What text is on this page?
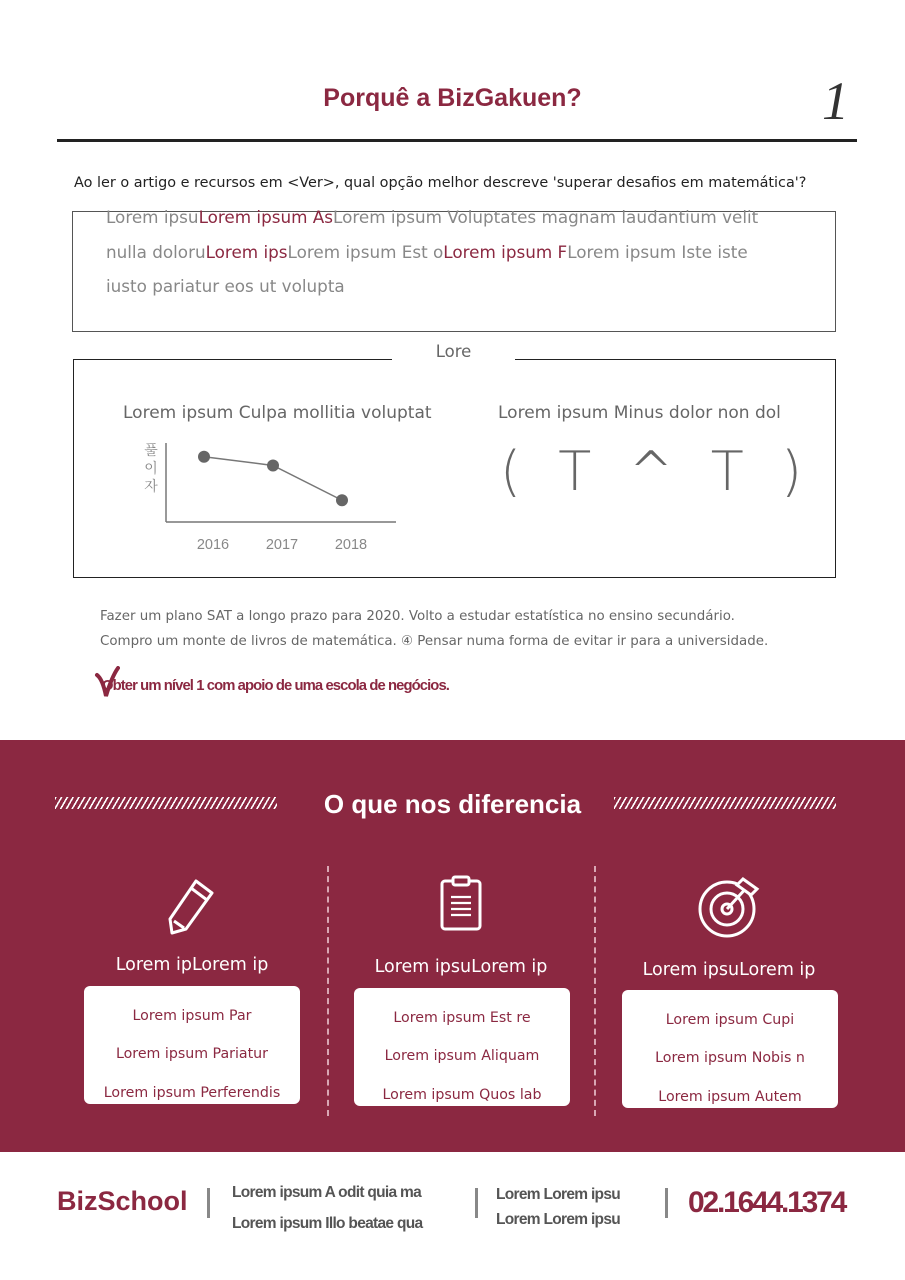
Porquê a BizGakuen?	1
Ao ler o artigo e recursos em <Ver>, qual opção melhor descreve 'superar desafios em matemática'?
Lorem ipsuLorem ipsum AsLorem ipsum Voluptates magnam laudantium velit
nulla doloruLorem ipsLorem ipsum Est oLorem ipsum FLorem ipsum Iste iste
iusto pariatur eos ut volupta
Lore
Lorem ipsum Culpa mollitia voluptat	Lorem ipsum Minus dolor non dol
( T ^ T )
풀
이
자
2016	2017	2018
Fazer um plano SAT a longo prazo para 2020. Volto a estudar estatística no ensino secundário.
Compro um monte de livros de matemática. ④ Pensar numa forma de evitar ir para a universidade.
Obter um nível 1 com apoio de uma escola de negócios.
O que nos diferencia
Lorem ipLorem ip	Lorem ipsuLorem ip	Lorem ipsuLorem ip
Lorem ipsum Par
Lorem ipsum Pariatur
Lorem ipsum Perferendis
Lorem ipsum Est re
Lorem ipsum Aliquam
Lorem ipsum Quos lab
Lorem ipsum Cupi
Lorem ipsum Nobis n
Lorem ipsum Autem
BizSchool	Lorem ipsum A odit quia ma
Lorem ipsum Illo beatae qua
Lorem Lorem ipsu
Lorem Lorem ipsu
02.1644.1374
